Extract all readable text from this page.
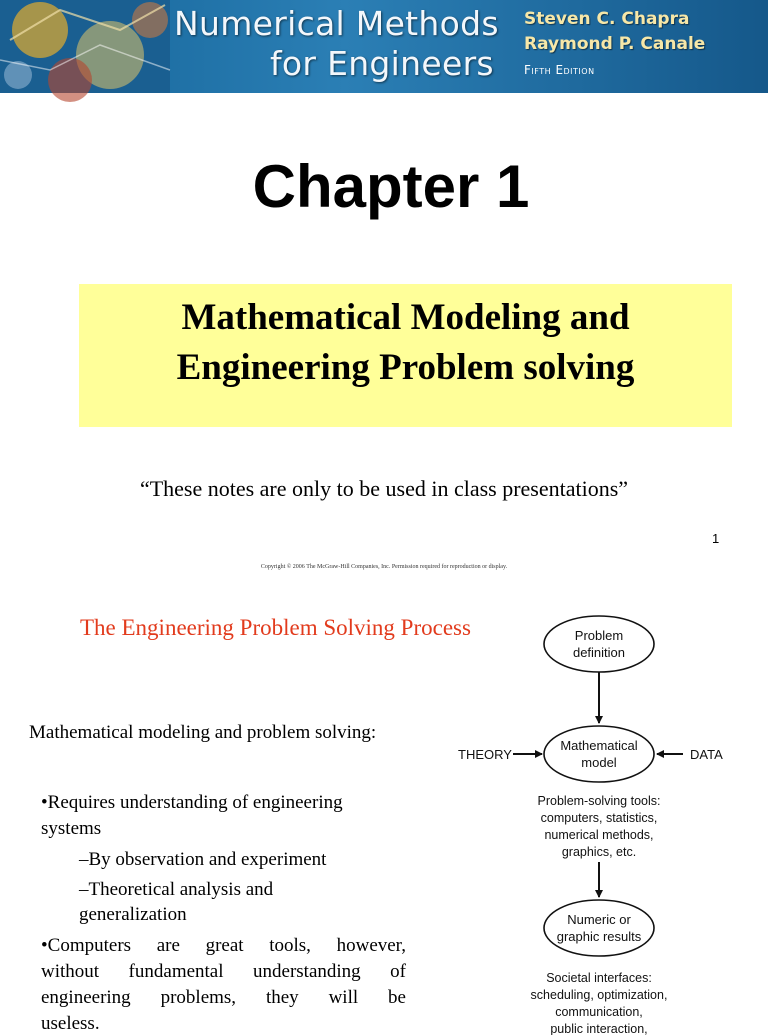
Numerical Methods
for Engineers
Steven C. Chapra
Raymond P. Canale
Fifth Edition
Chapter 1
Mathematical Modeling and
Engineering Problem solving
“These notes are only to be used in class presentations”
1
Copyright © 2006 The McGraw-Hill Companies, Inc. Permission required for reproduction or display.
The Engineering Problem Solving Process
Mathematical modeling and problem solving:
•Requires understanding of engineering
systems
–By observation and experiment
–Theoretical analysis and
generalization
•Computers are great tools, however,
without fundamental understanding of
engineering problems, they will be
useless.
Problem
definition
Mathematical
model
THEORY	DATA
Problem-solving tools:
computers, statistics,
numerical methods,
graphics, etc.
Numeric or
graphic results
Societal interfaces:
scheduling, optimization,
communication,
public interaction,
